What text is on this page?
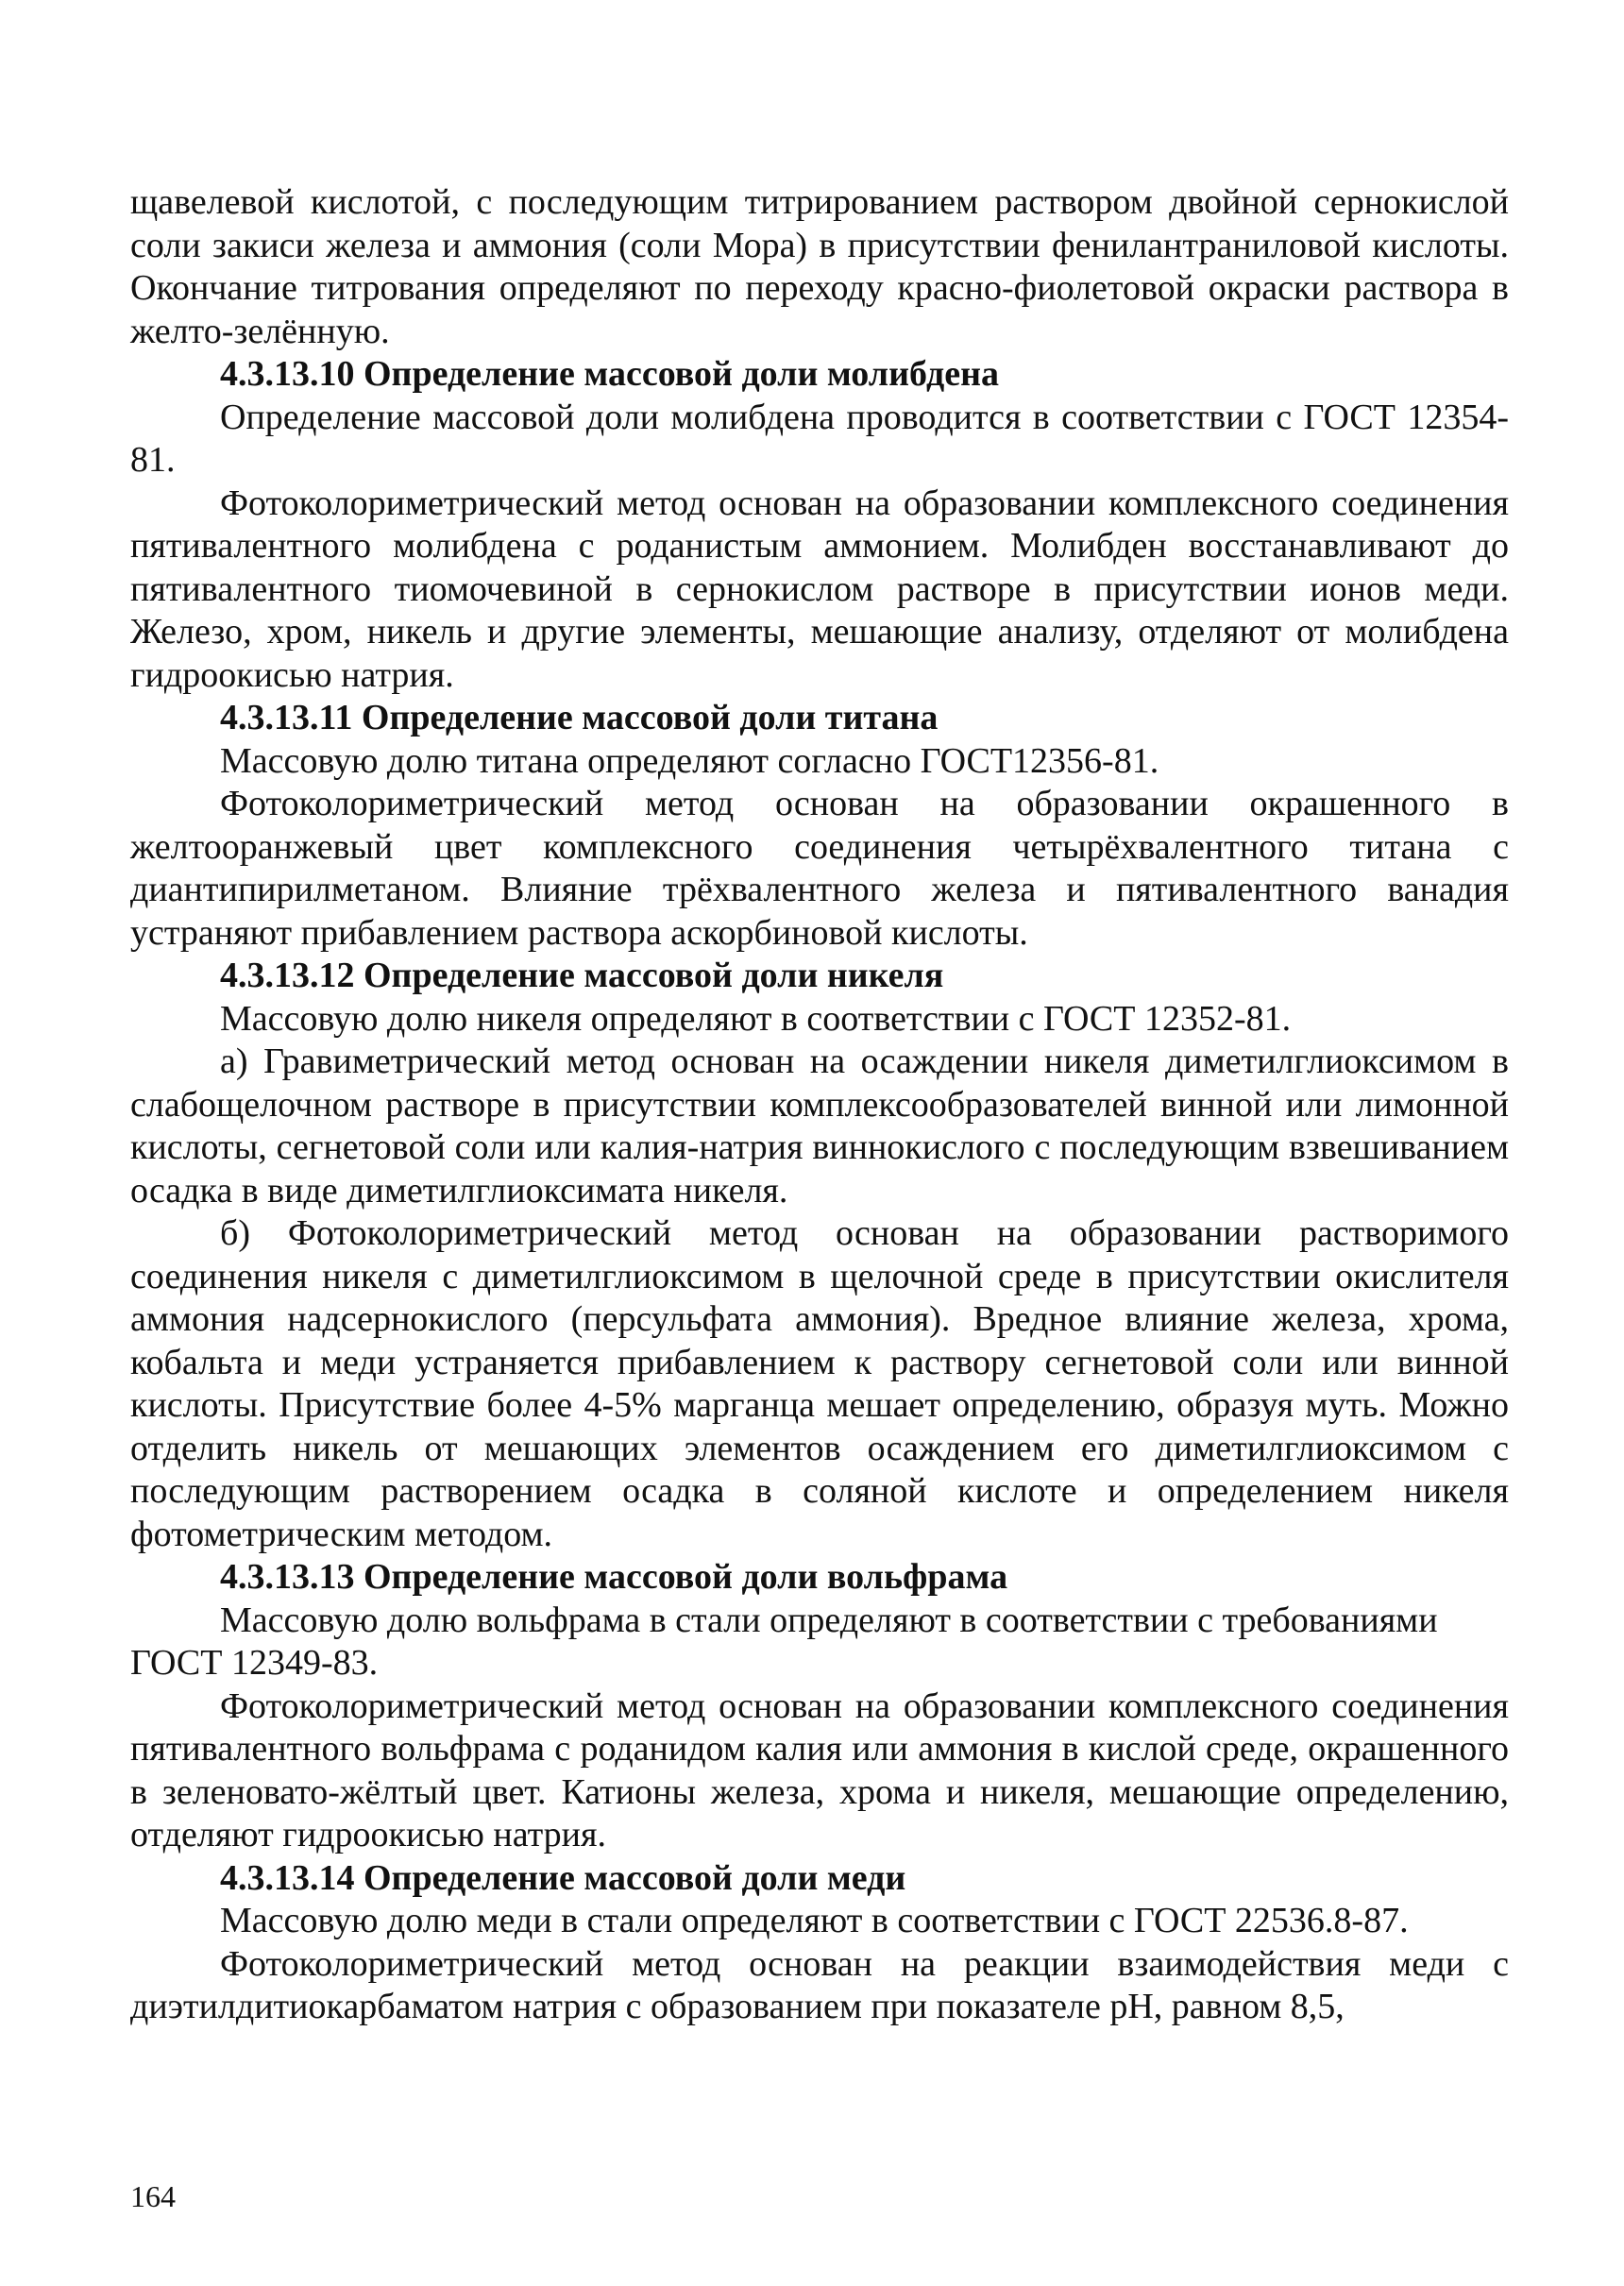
щавелевой кислотой, с последующим титрированием раствором двойной сернокислой соли закиси железа и аммония (соли Мора) в присутствии фенилантраниловой кислоты. Окончание титрования определяют по переходу красно-фиолетовой окраски раствора в желто-зелённую.

4.3.13.10 Определение массовой доли молибдена

Определение массовой доли молибдена проводится в соответствии с ГОСТ 12354-81.

Фотоколориметрический метод основан на образовании комплексного соединения пятивалентного молибдена с роданистым аммонием. Молибден восстанавливают до пятивалентного тиомочевиной в сернокислом растворе в присутствии ионов меди. Железо, хром, никель и другие элементы, мешающие анализу, отделяют от молибдена гидроокисью натрия.

4.3.13.11 Определение массовой доли титана

Массовую долю титана определяют согласно ГОСТ12356-81.

Фотоколориметрический метод основан на образовании окрашенного в желтооранжевый цвет комплексного соединения четырёхвалентного титана с диантипирилметаном. Влияние трёхвалентного железа и пятивалентного ванадия устраняют прибавлением раствора аскорбиновой кислоты.

4.3.13.12 Определение массовой доли никеля

Массовую долю никеля определяют в соответствии с ГОСТ 12352-81.

а) Гравиметрический метод основан на осаждении никеля диметилглиоксимом в слабощелочном растворе в присутствии комплексообразователей винной или лимонной кислоты, сегнетовой соли или калия-натрия виннокислого с последующим взвешиванием осадка в виде диметилглиоксимата никеля.

б) Фотоколориметрический метод основан на образовании растворимого соединения никеля с диметилглиоксимом в щелочной среде в присутствии окислителя аммония надсернокислого (персульфата аммония). Вредное влияние железа, хрома, кобальта и меди устраняется прибавлением к раствору сегнетовой соли или винной кислоты. Присутствие более 4-5% марганца мешает определению, образуя муть. Можно отделить никель от мешающих элементов осаждением его диметилглиоксимом с последующим растворением осадка в соляной кислоте и определением никеля фотометрическим методом.

4.3.13.13 Определение массовой доли вольфрама

Массовую долю вольфрама в стали определяют в соответствии с требованиями

ГОСТ 12349-83.

Фотоколориметрический метод основан на образовании комплексного соединения пятивалентного вольфрама с роданидом калия или аммония в кислой среде, окрашенного в зеленовато-жёлтый цвет. Катионы железа, хрома и никеля, мешающие определению, отделяют гидроокисью натрия.

4.3.13.14 Определение массовой доли меди

Массовую долю меди в стали определяют в соответствии с ГОСТ 22536.8-87.

Фотоколориметрический метод основан на реакции взаимодействия меди с диэтилдитиокарбаматом натрия с образованием при показателе pH, равном 8,5,

164
